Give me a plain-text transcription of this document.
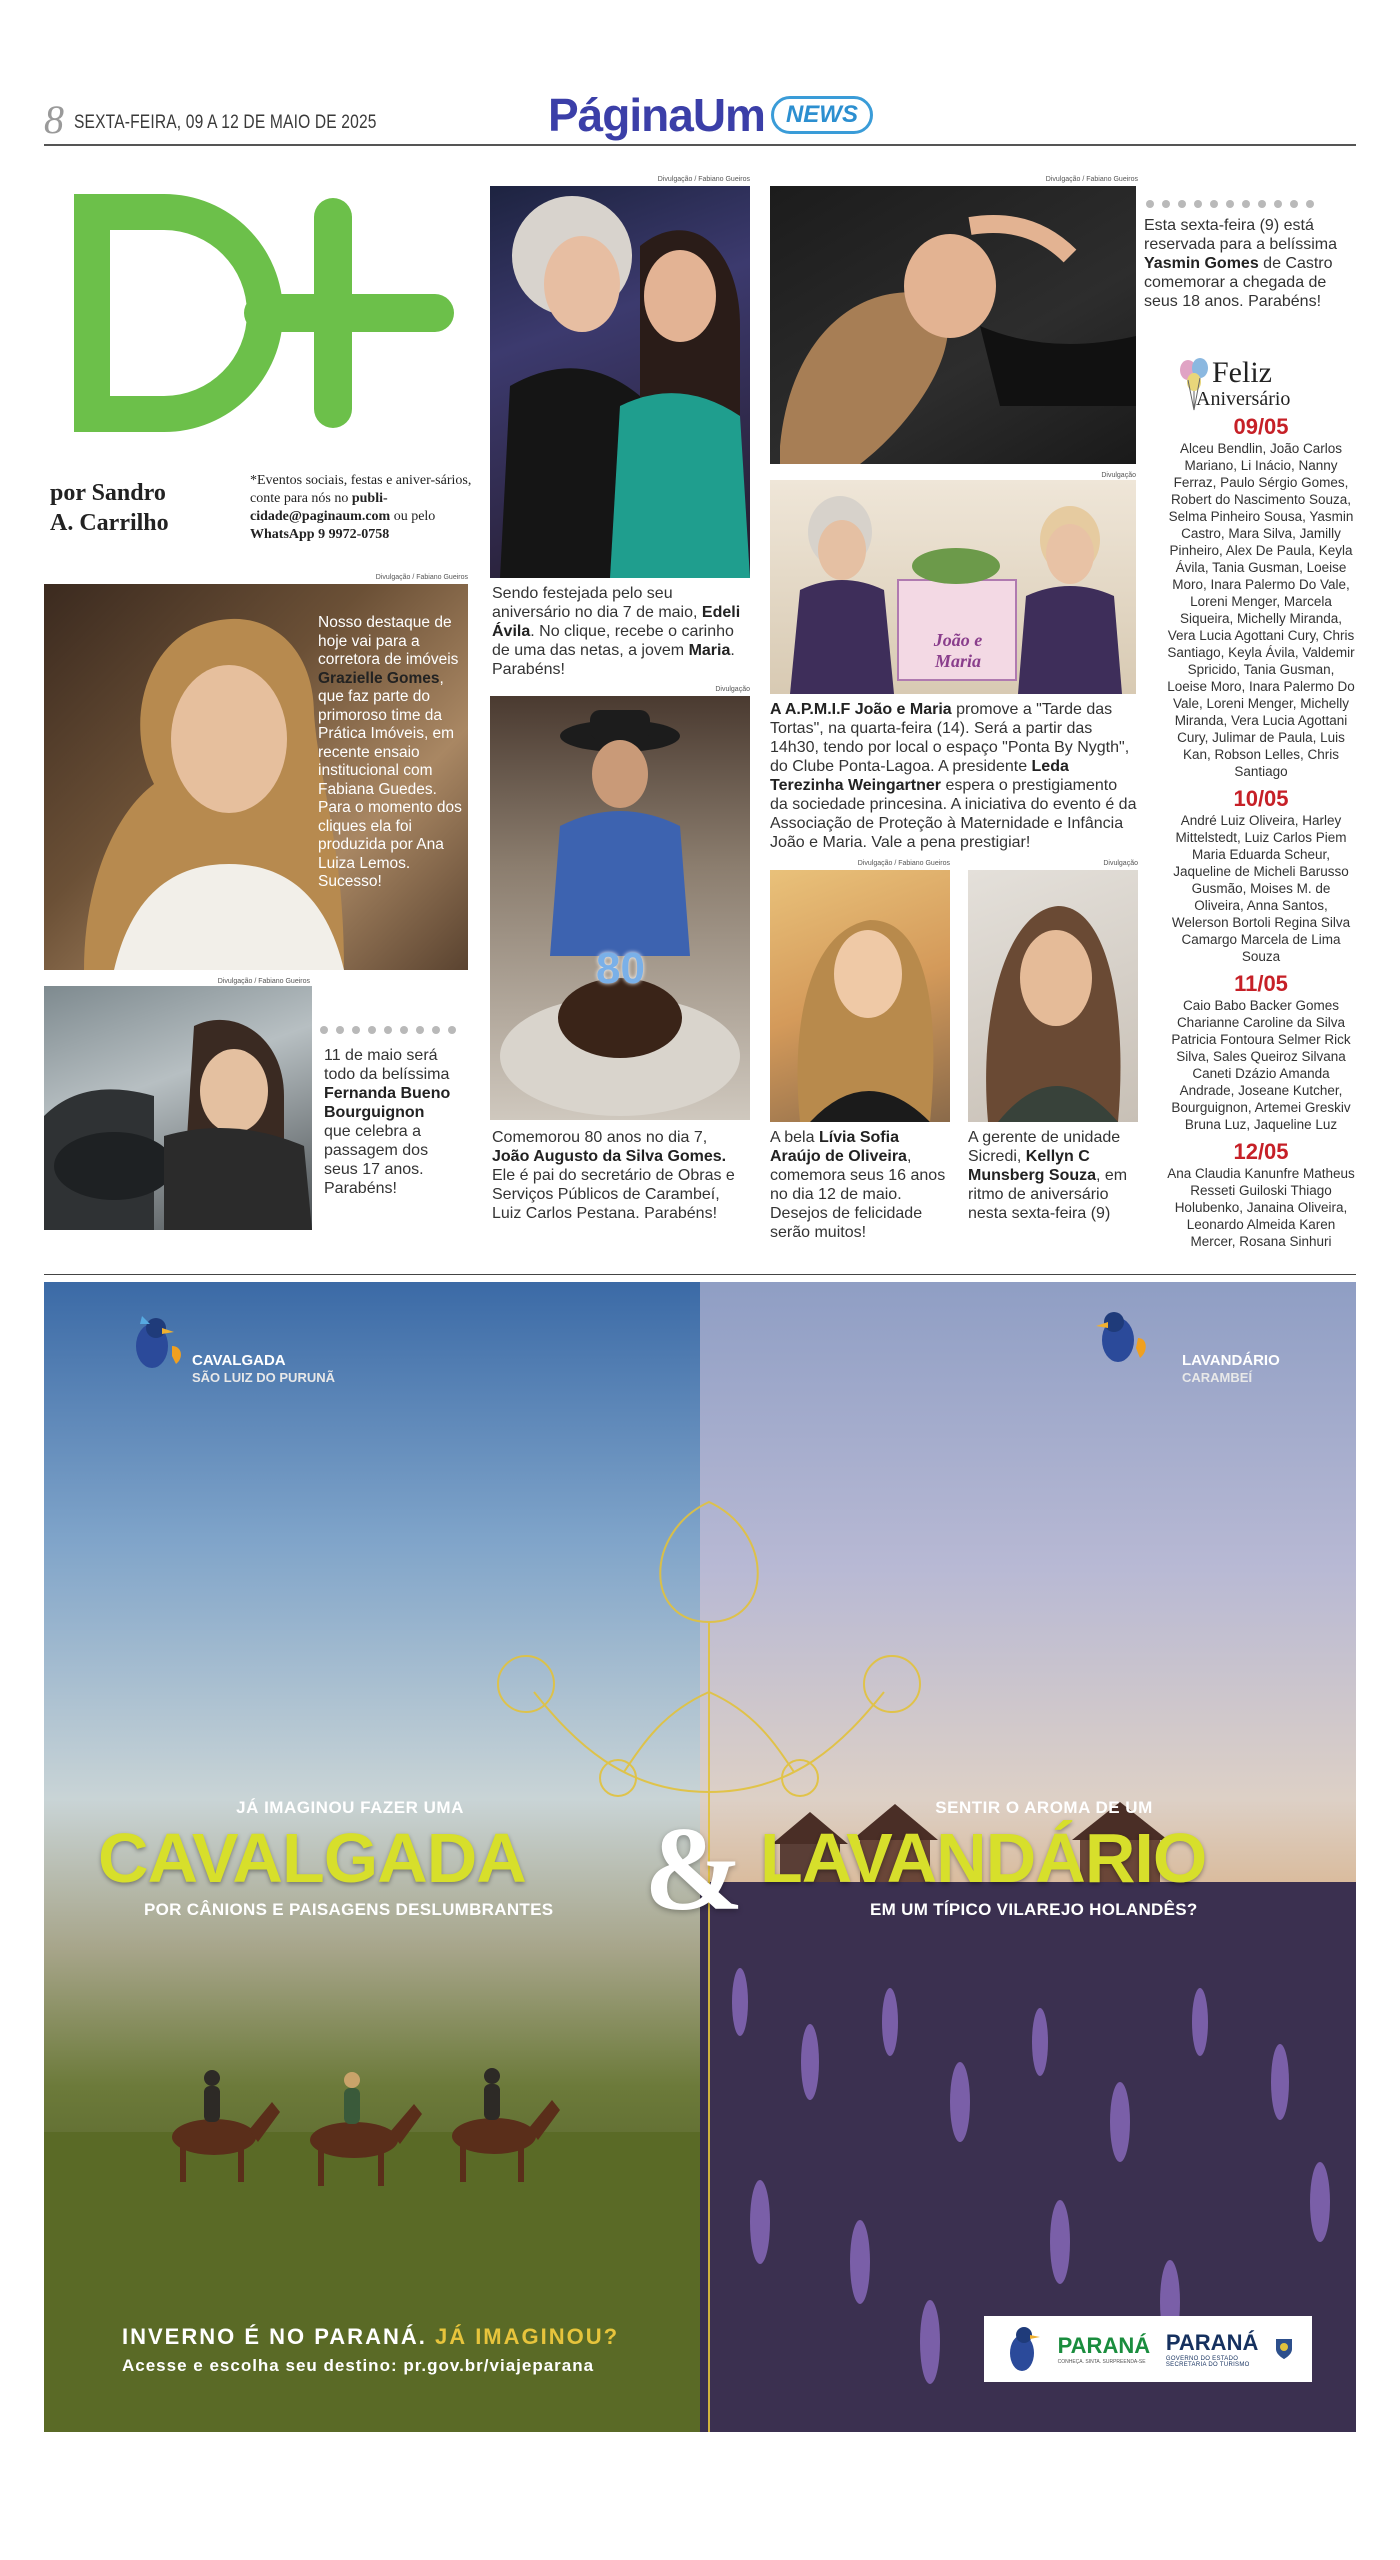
8 SEXTA-FEIRA, 09 A 12 DE MAIO DE 2025	PáginaUm NEWS
por Sandro
A. Carrilho
*Eventos sociais, festas e aniver-sários, conte para nós no publi-cidade@paginaum.com ou pelo WhatsApp 9 9972-0758
Divulgação / Fabiano Gueiros
Nosso destaque de hoje vai para a corretora de imóveis Grazielle Gomes, que faz parte do primoroso time da Prática Imóveis, em recente ensaio institucional com Fabiana Guedes. Para o momento dos cliques ela foi produzida por Ana Luiza Lemos. Sucesso!
Divulgação / Fabiano Gueiros
11 de maio será todo da belíssima Fernanda Bueno Bourguignon que celebra a passagem dos seus 17 anos. Parabéns!
Divulgação / Fabiano Gueiros
Sendo festejada pelo seu aniversário no dia 7 de maio, Edeli Ávila. No clique, recebe o carinho de uma das netas, a jovem Maria. Parabéns!
Divulgação
80
Comemorou 80 anos no dia 7, João Augusto da Silva Gomes. Ele é pai do secretário de Obras e Serviços Públicos de Carambeí, Luiz Carlos Pestana. Parabéns!
Divulgação / Fabiano Gueiros
Esta sexta-feira (9) está reservada para a belíssima Yasmin Gomes de Castro comemorar a chegada de seus 18 anos. Parabéns!
Divulgação
João e Maria
A A.P.M.I.F João e Maria promove a "Tarde das Tortas", na quarta-feira (14). Será a partir das 14h30, tendo por local o espaço "Ponta By Nygth", do Clube Ponta-Lagoa. A presidente Leda Terezinha Weingartner espera o prestigiamento da sociedade princesina. A iniciativa do evento é da Associação de Proteção à Maternidade e Infância João e Maria. Vale a pena prestigiar!
Divulgação / Fabiano Gueiros
A bela Lívia Sofia Araújo de Oliveira, comemora seus 16 anos no dia 12 de maio. Desejos de felicidade serão muitos!
Divulgação
A gerente de unidade Sicredi, Kellyn C Munsberg Souza, em ritmo de aniversário nesta sexta-feira (9)
Feliz
Aniversário
09/05
Alceu Bendlin, João Carlos Mariano, Li Inácio, Nanny Ferraz, Paulo Sérgio Gomes, Robert do Nascimento Souza, Selma Pinheiro Sousa, Yasmin Castro, Mara Silva, Jamilly Pinheiro, Alex De Paula, Keyla Ávila, Tania Gusman, Loeise Moro, Inara Palermo Do Vale, Loreni Menger, Marcela Siqueira, Michelly Miranda, Vera Lucia Agottani Cury, Chris Santiago, Keyla Ávila, Valdemir Spricido, Tania Gusman, Loeise Moro, Inara Palermo Do Vale, Loreni Menger, Michelly Miranda, Vera Lucia Agottani Cury, Julimar de Paula, Luis Kan, Robson Lelles, Chris Santiago
10/05
André Luiz Oliveira, Harley Mittelstedt, Luiz Carlos Piem Maria Eduarda Scheur, Jaqueline de Micheli Barusso Gusmão, Moises M. de Oliveira, Anna Santos, Welerson Bortoli Regina Silva Camargo Marcela de Lima Souza
11/05
Caio Babo Backer Gomes Charianne Caroline da Silva Patricia Fontoura Selmer Rick Silva, Sales Queiroz Silvana Caneti Dzázio Amanda Andrade, Joseane Kutcher, Bourguignon, Artemei Greskiv Bruna Luz, Jaqueline Luz
12/05
Ana Claudia Kanunfre Matheus Resseti Guiloski Thiago Holubenko, Janaina Oliveira, Leonardo Almeida Karen Mercer, Rosana Sinhuri
CAVALGADA
SÃO LUIZ DO PURUNÃ
LAVANDÁRIO
CARAMBEÍ
JÁ IMAGINOU FAZER UMA
CAVALGADA
POR CÂNIONS E PAISAGENS DESLUMBRANTES &	SENTIR O AROMA DE UM
LAVANDÁRIO
EM UM TÍPICO VILAREJO HOLANDÊS?
INVERNO É NO PARANÁ. JÁ IMAGINOU?
Acesse e escolha seu destino: pr.gov.br/viajeparana
PARANÁ
CONHEÇA. SINTA. SURPREENDA-SE
PARANÁ
GOVERNO DO ESTADO
SECRETARIA DO TURISMO
